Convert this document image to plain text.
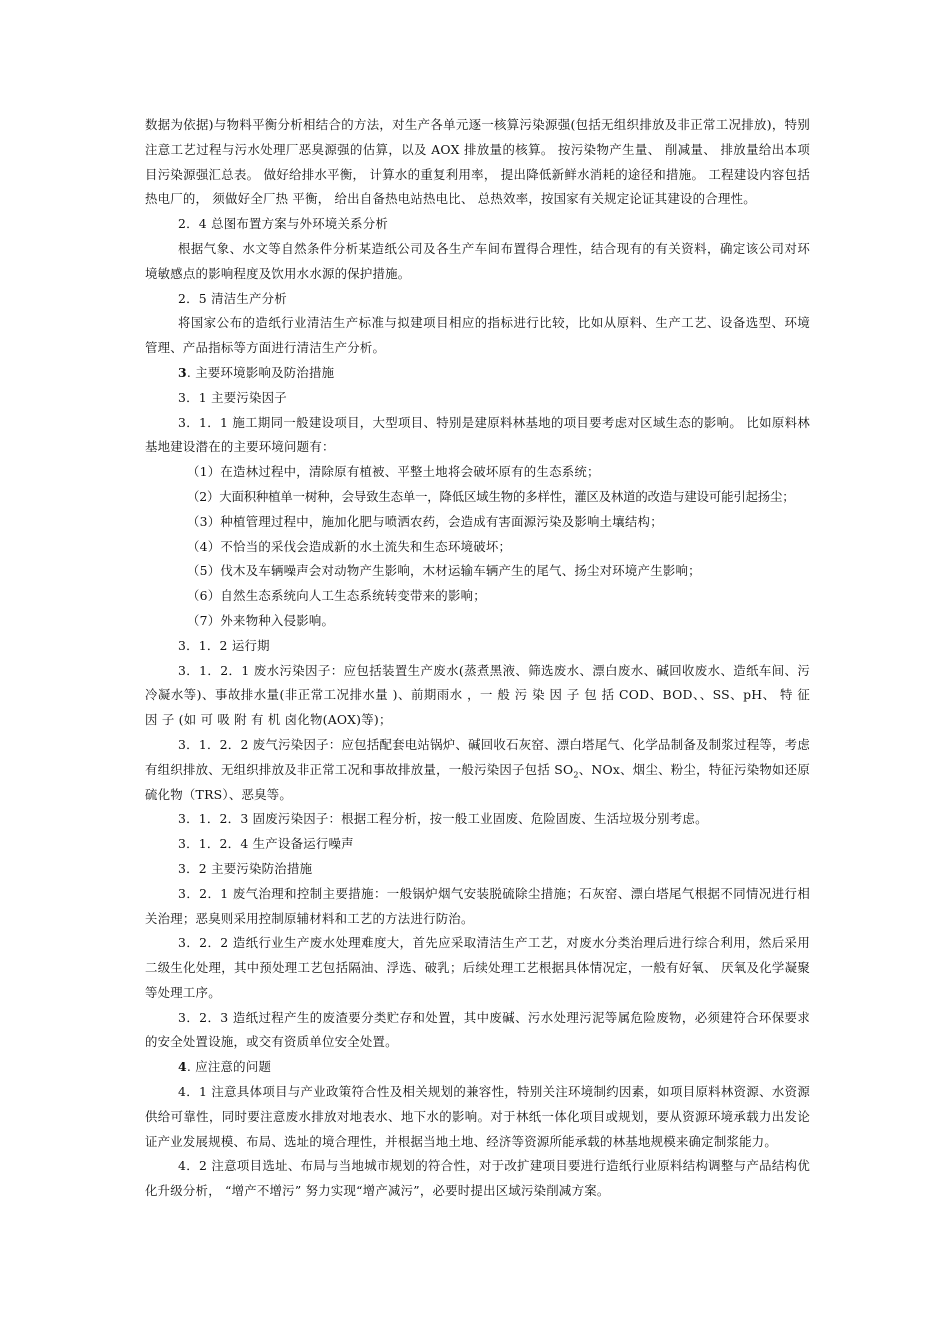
数据为依据)与物料平衡分析相结合的方法，对生产各单元逐一核算污染源强(包括无组织排放及非正常工况排放)，特别注意工艺过程与污水处理厂恶臭源强的估算，以及 AOX 排放量的核算。 按污染物产生量、 削减量、 排放量给出本项目污染源强汇总表。 做好给排水平衡， 计算水的重复利用率， 提出降低新鲜水消耗的途径和措施。 工程建设内容包括热电厂的， 须做好全厂热 平衡， 给出自备热电站热电比、 总热效率，按国家有关规定论证其建设的合理性。

2．4 总图布置方案与外环境关系分析

根据气象、水文等自然条件分析某造纸公司及各生产车间布置得合理性，结合现有的有关资料，确定该公司对环境敏感点的影响程度及饮用水水源的保护措施。

2．5 清洁生产分析

将国家公布的造纸行业清洁生产标准与拟建项目相应的指标进行比较，比如从原料、生产工艺、设备选型、环境管理、产品指标等方面进行清洁生产分析。

3. 主要环境影响及防治措施

3．1 主要污染因子

3．1．1 施工期同一般建设项目，大型项目、特别是建原料林基地的项目要考虑对区域生态的影响。 比如原料林基地建设潜在的主要环境问题有：

（1）在造林过程中，清除原有植被、平整土地将会破坏原有的生态系统；

（2）大面积种植单一树种，会导致生态单一，降低区域生物的多样性，灌区及林道的改造与建设可能引起扬尘；

（3）种植管理过程中，施加化肥与喷洒农药，会造成有害面源污染及影响土壤结构；

（4）不恰当的采伐会造成新的水土流失和生态环境破坏；

（5）伐木及车辆噪声会对动物产生影响，木材运输车辆产生的尾气、扬尘对环境产生影响；

（6）自然生态系统向人工生态系统转变带来的影响；

（7）外来物种入侵影响。

3．1．2 运行期

3．1．2．1 废水污染因子：应包括装置生产废水(蒸煮黑液、筛选废水、漂白废水、碱回收废水、造纸车间、污冷凝水等)、事故排水量(非正常工况排水量 )、前期雨水 ，一 般 污 染 因 子 包 括 COD、BOD、、SS、pH、 特 征 因 子 (如 可 吸 附 有 机 卤化物(AOX)等)；

3．1．2．2 废气污染因子：应包括配套电站锅炉、碱回收石灰窑、漂白塔尾气、化学品制备及制浆过程等，考虑有组织排放、无组织排放及非正常工况和事故排放量，一般污染因子包括 $SO_2$、NOx、烟尘、粉尘，特征污染物如还原硫化物（TRS）、恶臭等。

3．1．2．3 固废污染因子：根据工程分析，按一般工业固废、危险固废、生活垃圾分别考虑。

3．1．2．4 生产设备运行噪声

3．2 主要污染防治措施

3．2．1 废气治理和控制主要措施：一般锅炉烟气安装脱硫除尘措施；石灰窑、漂白塔尾气根据不同情况进行相关治理；恶臭则采用控制原辅材料和工艺的方法进行防治。

3．2．2 造纸行业生产废水处理难度大，首先应采取清洁生产工艺，对废水分类治理后进行综合利用，然后采用二级生化处理，其中预处理工艺包括隔油、浮选、破乳；后续处理工艺根据具体情况定，一般有好氧、 厌氧及化学凝聚等处理工序。

3．2．3 造纸过程产生的废渣要分类贮存和处置，其中废碱、污水处理污泥等属危险废物，必须建符合环保要求的安全处置设施，或交有资质单位安全处置。

4. 应注意的问题

4．1 注意具体项目与产业政策符合性及相关规划的兼容性，特别关注环境制约因素，如项目原料林资源、水资源供给可靠性，同时要注意废水排放对地表水、地下水的影响。对于林纸一体化项目或规划，要从资源环境承载力出发论证产业发展规模、布局、选址的境合理性，并根据当地土地、经济等资源所能承载的林基地规模来确定制浆能力。

4．2 注意项目选址、布局与当地城市规划的符合性，对于改扩建项目要进行造纸行业原料结构调整与产品结构优化升级分析， “增产不增污” 努力实现“增产减污”，必要时提出区域污染削减方案。
